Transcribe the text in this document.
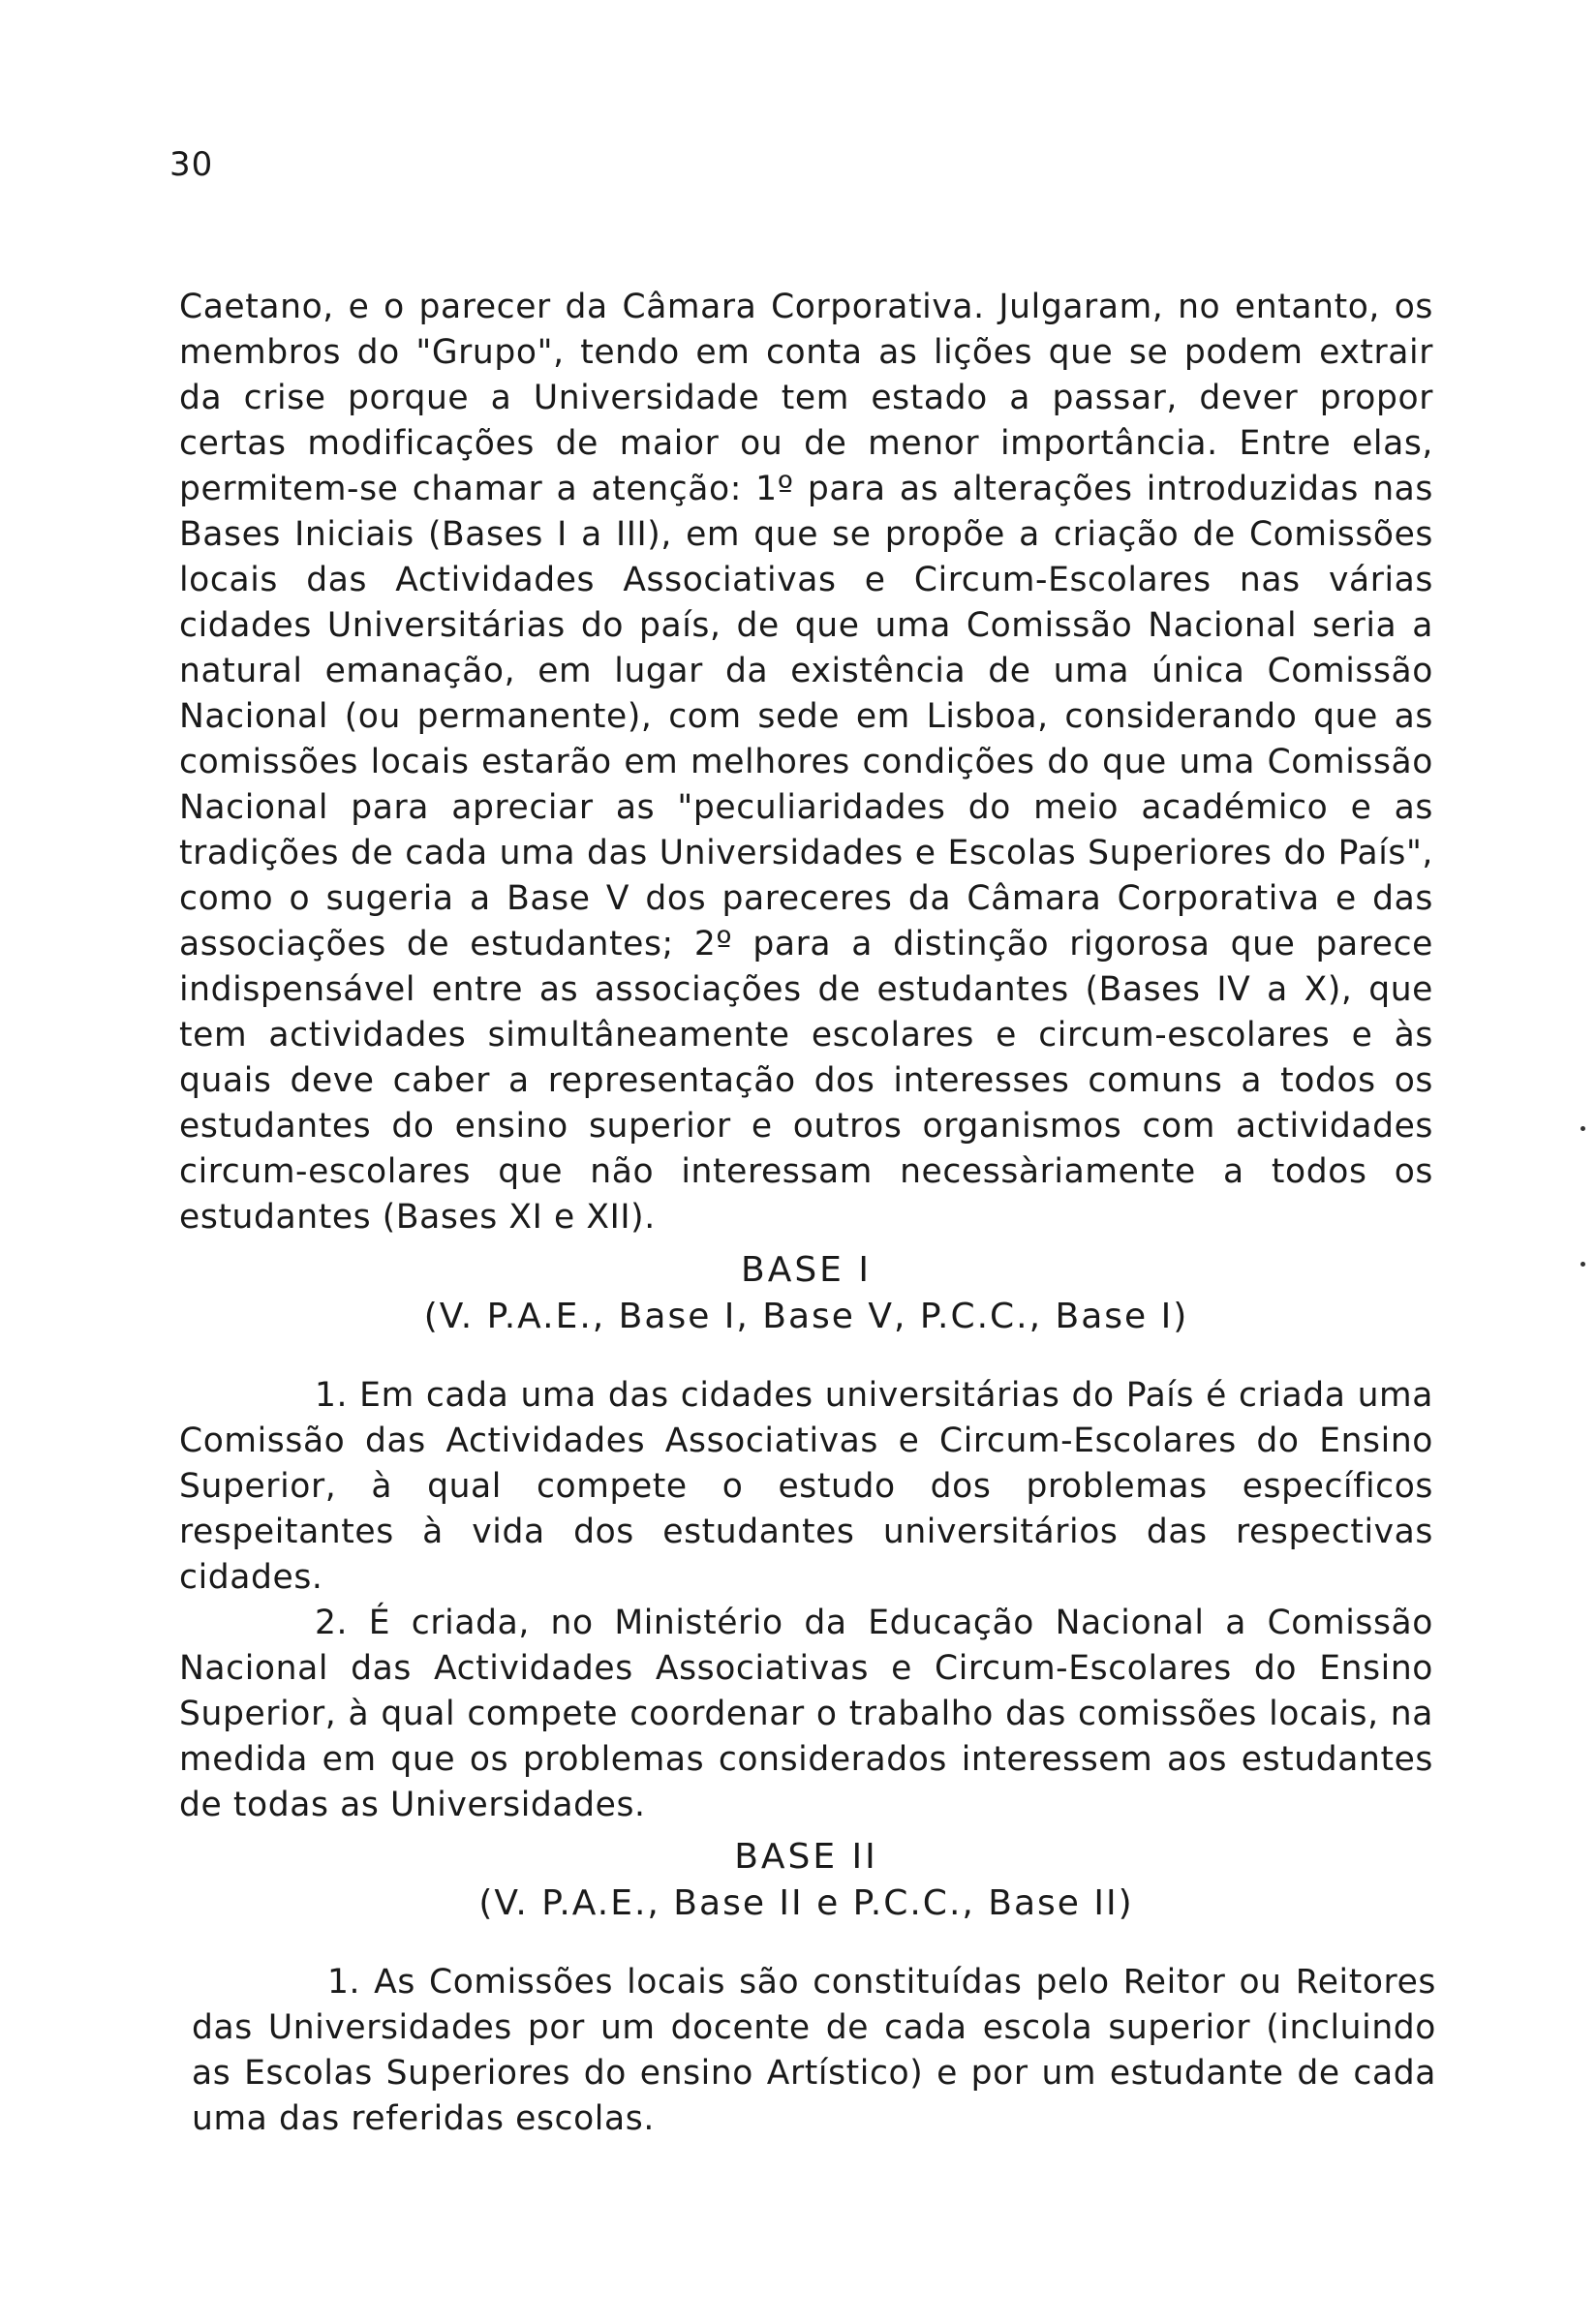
30

Caetano, e o parecer da Câmara Corporativa. Julgaram, no entanto, os membros do "Grupo", tendo em conta as lições que se podem extrair da crise porque a Universidade tem estado a passar, dever propor certas modificações de maior ou de menor importância. Entre elas, permitem-se chamar a atenção: 1º para as alterações introduzidas nas Bases Iniciais (Bases I a III), em que se propõe a criação de Comissões locais das Actividades Associativas e Circum-Escolares nas várias cidades Universitárias do país, de que uma Comissão Nacional seria a natural emanação, em lugar da existência de uma única Comissão Nacional (ou permanente), com sede em Lisboa, considerando que as comissões locais estarão em melhores condições do que uma Comissão Nacional para apreciar as "peculiaridades do meio académico e as tradições de cada uma das Universidades e Escolas Superiores do País", como o sugeria a Base V dos pareceres da Câmara Corporativa e das associações de estudantes; 2º para a distinção rigorosa que parece indispensável entre as associações de estudantes (Bases IV a X), que tem actividades simultâneamente escolares e circum-escolares e às quais deve caber a representação dos interesses comuns a todos os estudantes do ensino superior e outros organismos com actividades circum-escolares que não interessam necessàriamente a todos os estudantes (Bases XI e XII).

BASE I
(V. P.A.E., Base I, Base V, P.C.C., Base I)

1. Em cada uma das cidades universitárias do País é criada uma Comissão das Actividades Associativas e Circum-Escolares do Ensino Superior, à qual compete o estudo dos problemas específicos respeitantes à vida dos estudantes universitários das respectivas cidades.

2. É criada, no Ministério da Educação Nacional a Comissão Nacional das Actividades Associativas e Circum-Escolares do Ensino Superior, à qual compete coordenar o trabalho das comissões locais, na medida em que os problemas considerados interessem aos estudantes de todas as Universidades.

BASE II
(V. P.A.E., Base II e P.C.C., Base II)

1. As Comissões locais são constituídas pelo Reitor ou Reitores das Universidades por um docente de cada escola superior (incluindo as Escolas Superiores do ensino Artístico) e por um estudante de cada uma das referidas escolas.
